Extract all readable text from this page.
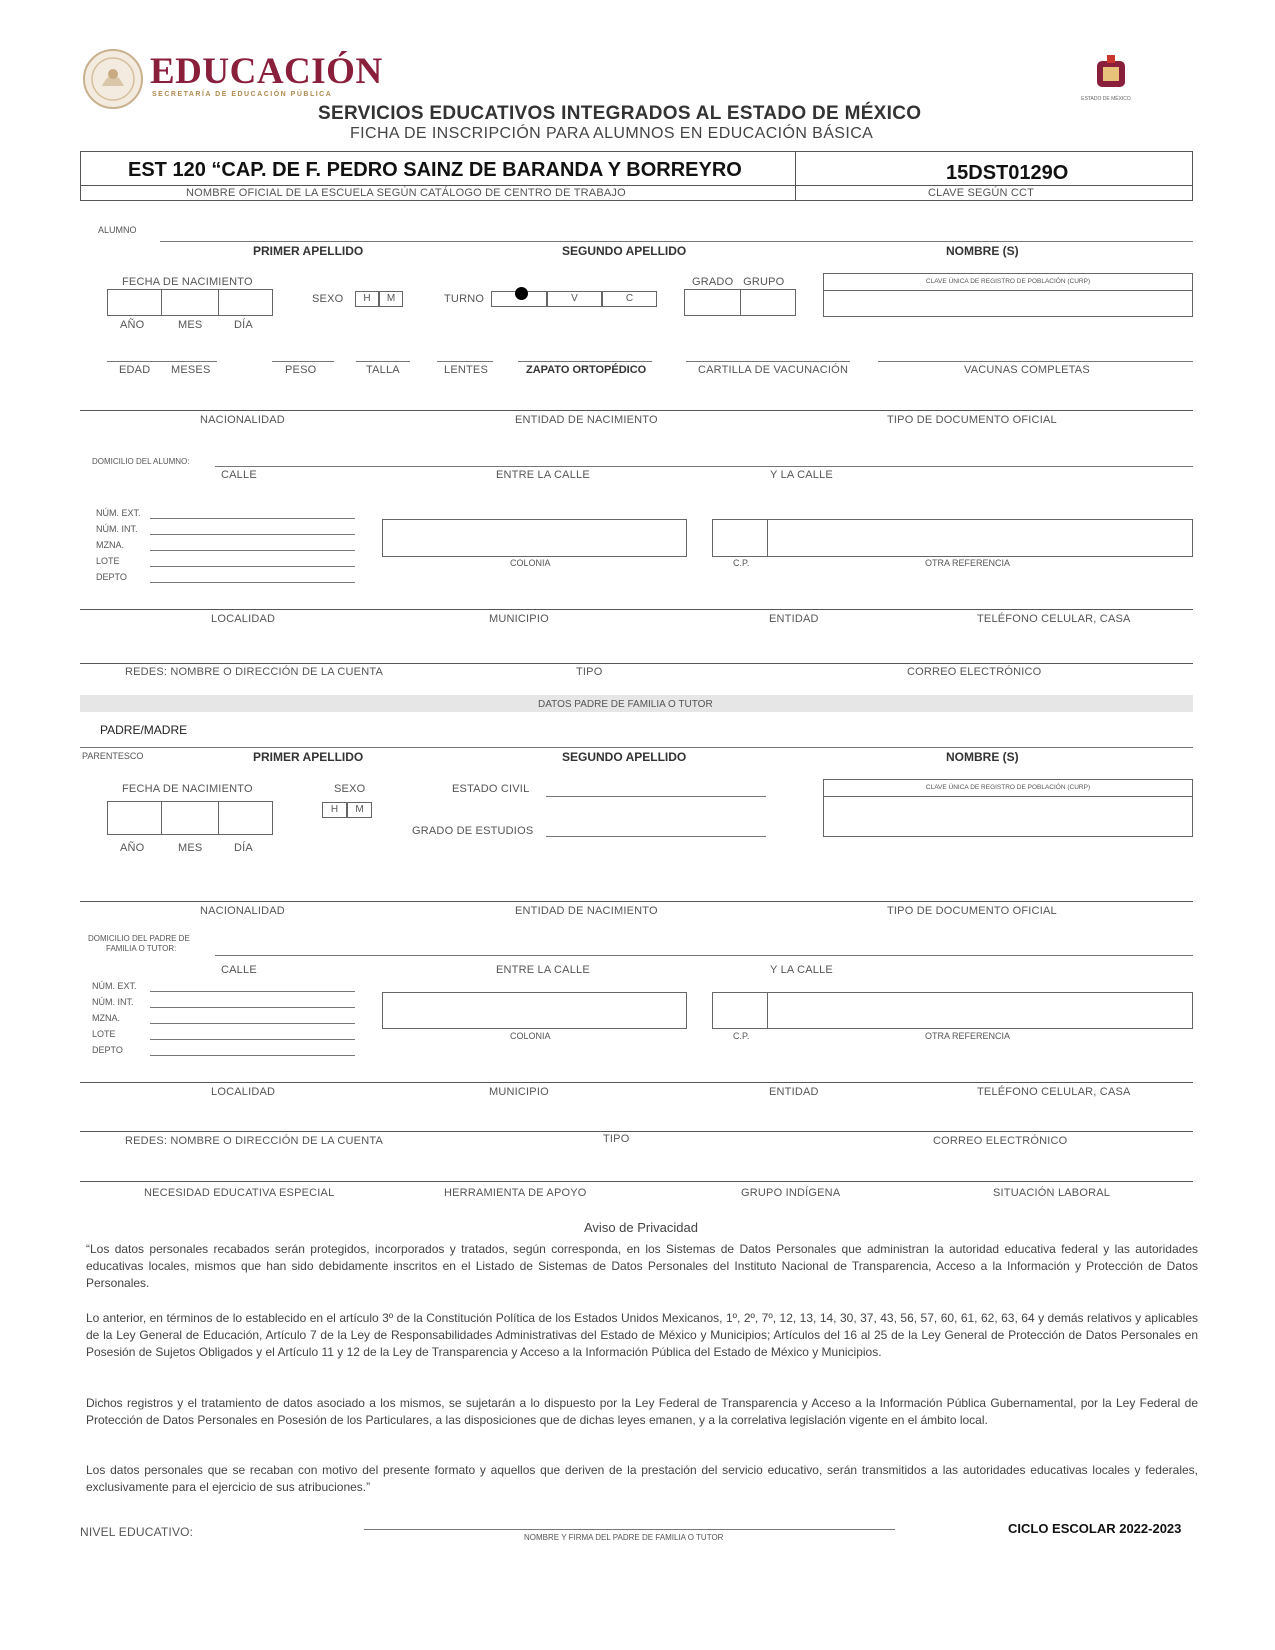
EDUCACIÓN
SECRETARÍA DE EDUCACIÓN PÚBLICA
ESTADO DE MÉXICO
SERVICIOS EDUCATIVOS INTEGRADOS AL ESTADO DE MÉXICO
FICHA DE INSCRIPCIÓN PARA ALUMNOS EN EDUCACIÓN BÁSICA
EST 120 “CAP. DE F. PEDRO SAINZ DE BARANDA Y BORREYRO
NOMBRE OFICIAL DE LA ESCUELA SEGÚN CATÁLOGO DE CENTRO DE TRABAJO
15DST0129O
CLAVE SEGÚN CCT
ALUMNO
PRIMER APELLIDO	SEGUNDO APELLIDO	NOMBRE (S)
FECHA DE NACIMIENTO
AÑO	MES	DÍA
SEXO	H	M	TURNO	V	C
GRADO   GRUPO	CLAVE ÚNICA DE REGISTRO DE POBLACIÓN (CURP)
EDAD MESES	PESO	TALLA	LENTES	ZAPATO ORTOPÉDICO	CARTILLA DE VACUNACIÓN	VACUNAS COMPLETAS
NACIONALIDAD	ENTIDAD DE NACIMIENTO	TIPO DE DOCUMENTO OFICIAL
DOMICILIO DEL ALUMNO:
CALLE	ENTRE LA CALLE	Y LA CALLE
NÚM. EXT.
NÚM. INT.
MZNA.
LOTE
DEPTO
COLONIA	C.P.	OTRA REFERENCIA
LOCALIDAD	MUNICIPIO	ENTIDAD	TELÉFONO CELULAR, CASA
REDES: NOMBRE O DIRECCIÓN DE LA CUENTA	TIPO	CORREO ELECTRÓNICO
DATOS PADRE DE FAMILIA O TUTOR
PADRE/MADRE
PARENTESCO	PRIMER APELLIDO	SEGUNDO APELLIDO	NOMBRE (S)
FECHA DE NACIMIENTO
AÑO	MES	DÍA
SEXO
H	M
ESTADO CIVIL
GRADO DE ESTUDIOS
CLAVE ÚNICA DE REGISTRO DE POBLACIÓN (CURP)
NACIONALIDAD	ENTIDAD DE NACIMIENTO	TIPO DE DOCUMENTO OFICIAL
DOMICILIO DEL PADRE DE
FAMILIA O TUTOR:
CALLE	ENTRE LA CALLE	Y LA CALLE
NÚM. EXT.
NÚM. INT.
MZNA.
LOTE
DEPTO
COLONIA	C.P.	OTRA REFERENCIA
LOCALIDAD	MUNICIPIO	ENTIDAD	TELÉFONO CELULAR, CASA
REDES: NOMBRE O DIRECCIÓN DE LA CUENTA	TIPO	CORREO ELECTRÓNICO
NECESIDAD EDUCATIVA ESPECIAL	HERRAMIENTA DE APOYO	GRUPO INDÍGENA	SITUACIÓN LABORAL
Aviso de Privacidad
“Los datos personales recabados serán protegidos, incorporados y tratados, según corresponda, en los Sistemas de Datos Personales que administran la autoridad educativa federal y las autoridades educativas locales, mismos que han sido debidamente inscritos en el Listado de Sistemas de Datos Personales del Instituto Nacional de Transparencia, Acceso a la Información y Protección de Datos Personales.
Lo anterior, en términos de lo establecido en el artículo 3º de la Constitución Política de los Estados Unidos Mexicanos, 1º, 2º, 7º, 12, 13, 14, 30, 37, 43, 56, 57, 60, 61, 62, 63, 64 y demás relativos y aplicables de la Ley General de Educación, Artículo 7 de la Ley de Responsabilidades Administrativas del Estado de México y Municipios; Artículos del 16 al 25 de la Ley General de Protección de Datos Personales en Posesión de Sujetos Obligados y el Artículo 11 y 12 de la Ley de Transparencia y Acceso a la Información Pública del Estado de México y Municipios.
Dichos registros y el tratamiento de datos asociado a los mismos, se sujetarán a lo dispuesto por la Ley Federal de Transparencia y Acceso a la Información Pública Gubernamental, por la Ley Federal de Protección de Datos Personales en Posesión de los Particulares, a las disposiciones que de dichas leyes emanen, y a la correlativa legislación vigente en el ámbito local.
Los datos personales que se recaban con motivo del presente formato y aquellos que deriven de la prestación del servicio educativo, serán transmitidos a las autoridades educativas locales y federales, exclusivamente para el ejercicio de sus atribuciones.”
NIVEL EDUCATIVO:	NOMBRE Y FIRMA DEL PADRE DE FAMILIA O TUTOR
CICLO ESCOLAR 2022-2023
